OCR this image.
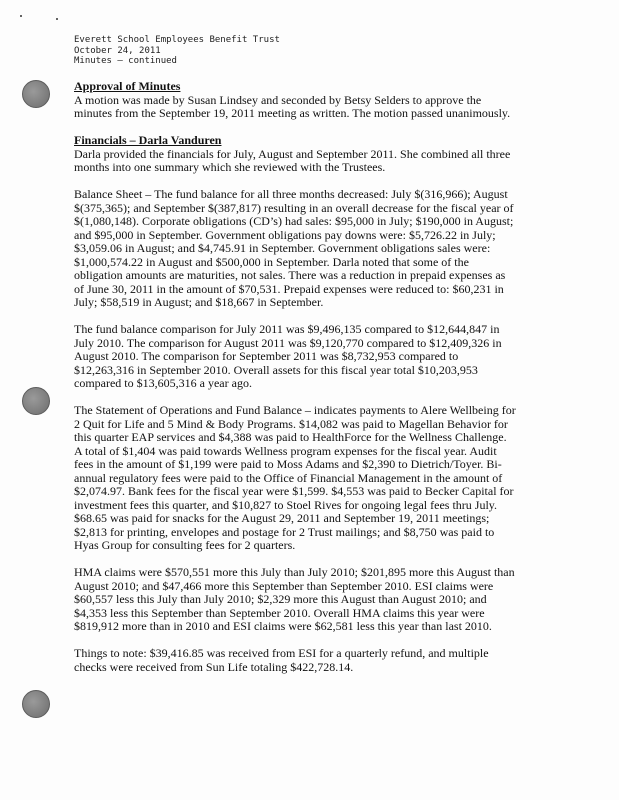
Everett School Employees Benefit Trust
October 24, 2011
Minutes – continued

Approval of Minutes

A motion was made by Susan Lindsey and seconded by Betsy Selders to approve the
minutes from the September 19, 2011 meeting as written. The motion passed unanimously.

Financials – Darla Vanduren

Darla provided the financials for July, August and September 2011. She combined all three
months into one summary which she reviewed with the Trustees.

Balance Sheet – The fund balance for all three months decreased: July $(316,966); August
$(375,365); and September $(387,817) resulting in an overall decrease for the fiscal year of
$(1,080,148). Corporate obligations (CD’s) had sales: $95,000 in July; $190,000 in August;
and $95,000 in September. Government obligations pay downs were: $5,726.22 in July;
$3,059.06 in August; and $4,745.91 in September. Government obligations sales were:
$1,000,574.22 in August and $500,000 in September. Darla noted that some of the
obligation amounts are maturities, not sales. There was a reduction in prepaid expenses as
of June 30, 2011 in the amount of $70,531. Prepaid expenses were reduced to: $60,231 in
July; $58,519 in August; and $18,667 in September.

The fund balance comparison for July 2011 was $9,496,135 compared to $12,644,847 in
July 2010. The comparison for August 2011 was $9,120,770 compared to $12,409,326 in
August 2010. The comparison for September 2011 was $8,732,953 compared to
$12,263,316 in September 2010. Overall assets for this fiscal year total $10,203,953
compared to $13,605,316 a year ago.

The Statement of Operations and Fund Balance – indicates payments to Alere Wellbeing for
2 Quit for Life and 5 Mind & Body Programs. $14,082 was paid to Magellan Behavior for
this quarter EAP services and $4,388 was paid to HealthForce for the Wellness Challenge.
A total of $1,404 was paid towards Wellness program expenses for the fiscal year. Audit
fees in the amount of $1,199 were paid to Moss Adams and $2,390 to Dietrich/Toyer. Bi-
annual regulatory fees were paid to the Office of Financial Management in the amount of
$2,074.97. Bank fees for the fiscal year were $1,599. $4,553 was paid to Becker Capital for
investment fees this quarter, and $10,827 to Stoel Rives for ongoing legal fees thru July.
$68.65 was paid for snacks for the August 29, 2011 and September 19, 2011 meetings;
$2,813 for printing, envelopes and postage for 2 Trust mailings; and $8,750 was paid to
Hyas Group for consulting fees for 2 quarters.

HMA claims were $570,551 more this July than July 2010; $201,895 more this August than
August 2010; and $47,466 more this September than September 2010. ESI claims were
$60,557 less this July than July 2010; $2,329 more this August than August 2010; and
$4,353 less this September than September 2010. Overall HMA claims this year were
$819,912 more than in 2010 and ESI claims were $62,581 less this year than last 2010.

Things to note: $39,416.85 was received from ESI for a quarterly refund, and multiple
checks were received from Sun Life totaling $422,728.14.
